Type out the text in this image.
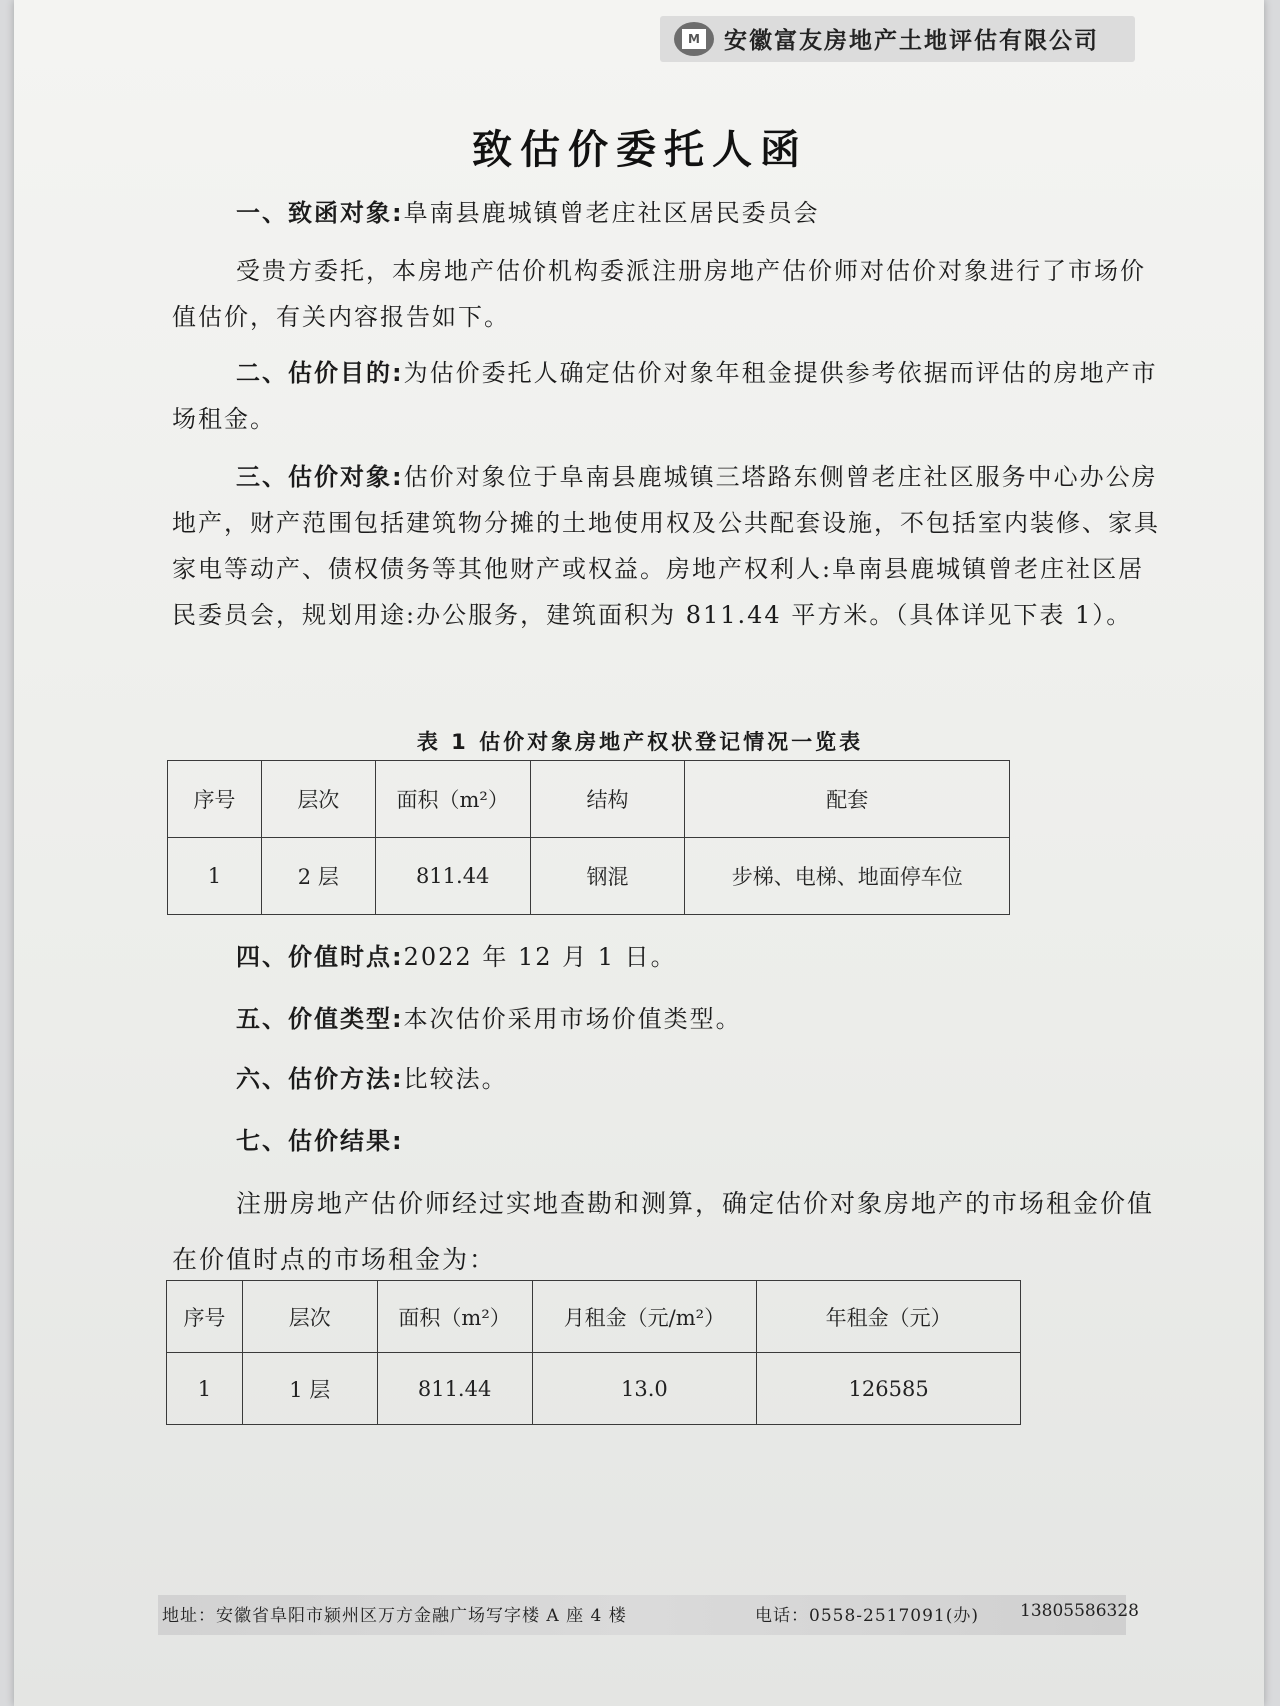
M 安徽富友房地产土地评估有限公司
致估价委托人函
一、致函对象:阜南县鹿城镇曾老庄社区居民委员会
受贵方委托，本房地产估价机构委派注册房地产估价师对估价对象进行了市场价值估价，有关内容报告如下。
二、估价目的:为估价委托人确定估价对象年租金提供参考依据而评估的房地产市场租金。
三、估价对象:估价对象位于阜南县鹿城镇三塔路东侧曾老庄社区服务中心办公房地产，财产范围包括建筑物分摊的土地使用权及公共配套设施，不包括室内装修、家具家电等动产、债权债务等其他财产或权益。房地产权利人:阜南县鹿城镇曾老庄社区居民委员会，规划用途:办公服务，建筑面积为 811.44 平方米。（具体详见下表 1）。
表 1 估价对象房地产权状登记情况一览表
序号	层次	面积（m²）	结构	配套
1	2 层	811.44	钢混	步梯、电梯、地面停车位
四、价值时点:2022 年 12 月 1 日。
五、价值类型:本次估价采用市场价值类型。
六、估价方法:比较法。
七、估价结果:
注册房地产估价师经过实地查勘和测算，确定估价对象房地产的市场租金价值在价值时点的市场租金为：
序号	层次	面积（m²）	月租金（元/m²）	年租金（元）
1	1 层	811.44	13.0	126585
地址：安徽省阜阳市颍州区万方金融广场写字楼 A 座 4 楼	电话：0558-2517091(办) 13805586328
